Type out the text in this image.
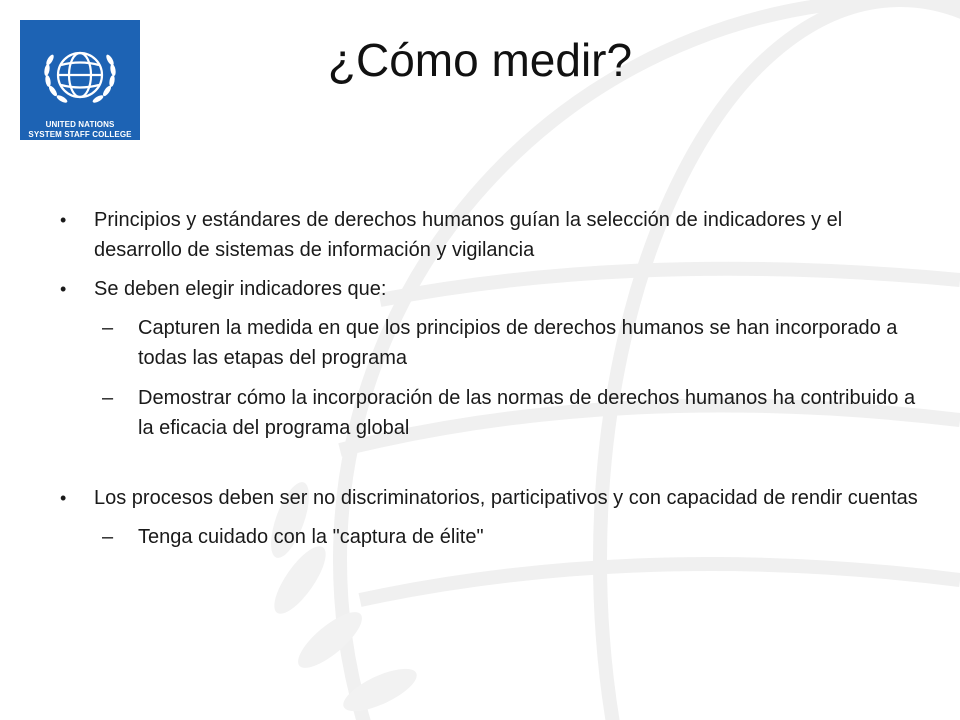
UNITED NATIONS
SYSTEM STAFF COLLEGE
¿Cómo medir?
•	Principios y estándares de derechos humanos guían la selección de indicadores y el desarrollo de sistemas de información y vigilancia
•	Se deben elegir indicadores que:
–	Capturen la medida en que los principios de derechos humanos se han incorporado a todas las etapas del programa
–	Demostrar cómo la incorporación de las normas de derechos humanos ha contribuido a la eficacia del programa global
•	Los procesos deben ser no discriminatorios, participativos y con capacidad de rendir cuentas
–	Tenga cuidado con la "captura de élite"
